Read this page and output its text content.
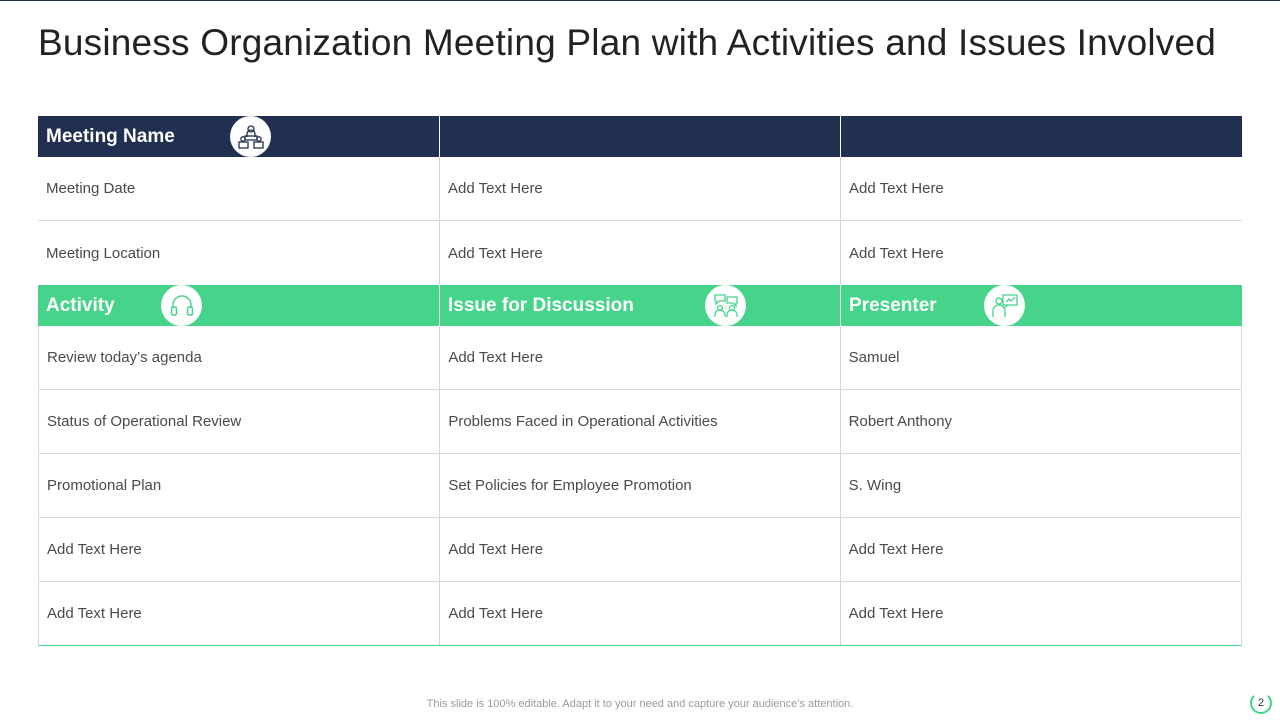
Business Organization Meeting Plan with Activities and Issues Involved
Meeting Name
Meeting Date	Add Text Here	Add Text Here
Meeting Location	Add Text Here	Add Text Here
Activity	Issue for Discussion	Presenter
Review today’s agenda	Add Text Here	Samuel
Status of Operational Review	Problems Faced in Operational Activities	Robert Anthony
Promotional Plan	Set Policies for Employee Promotion	S. Wing
Add Text Here	Add Text Here	Add Text Here
Add Text Here	Add Text Here	Add Text Here
This slide is 100% editable. Adapt it to your need and capture your audience’s attention.	2
